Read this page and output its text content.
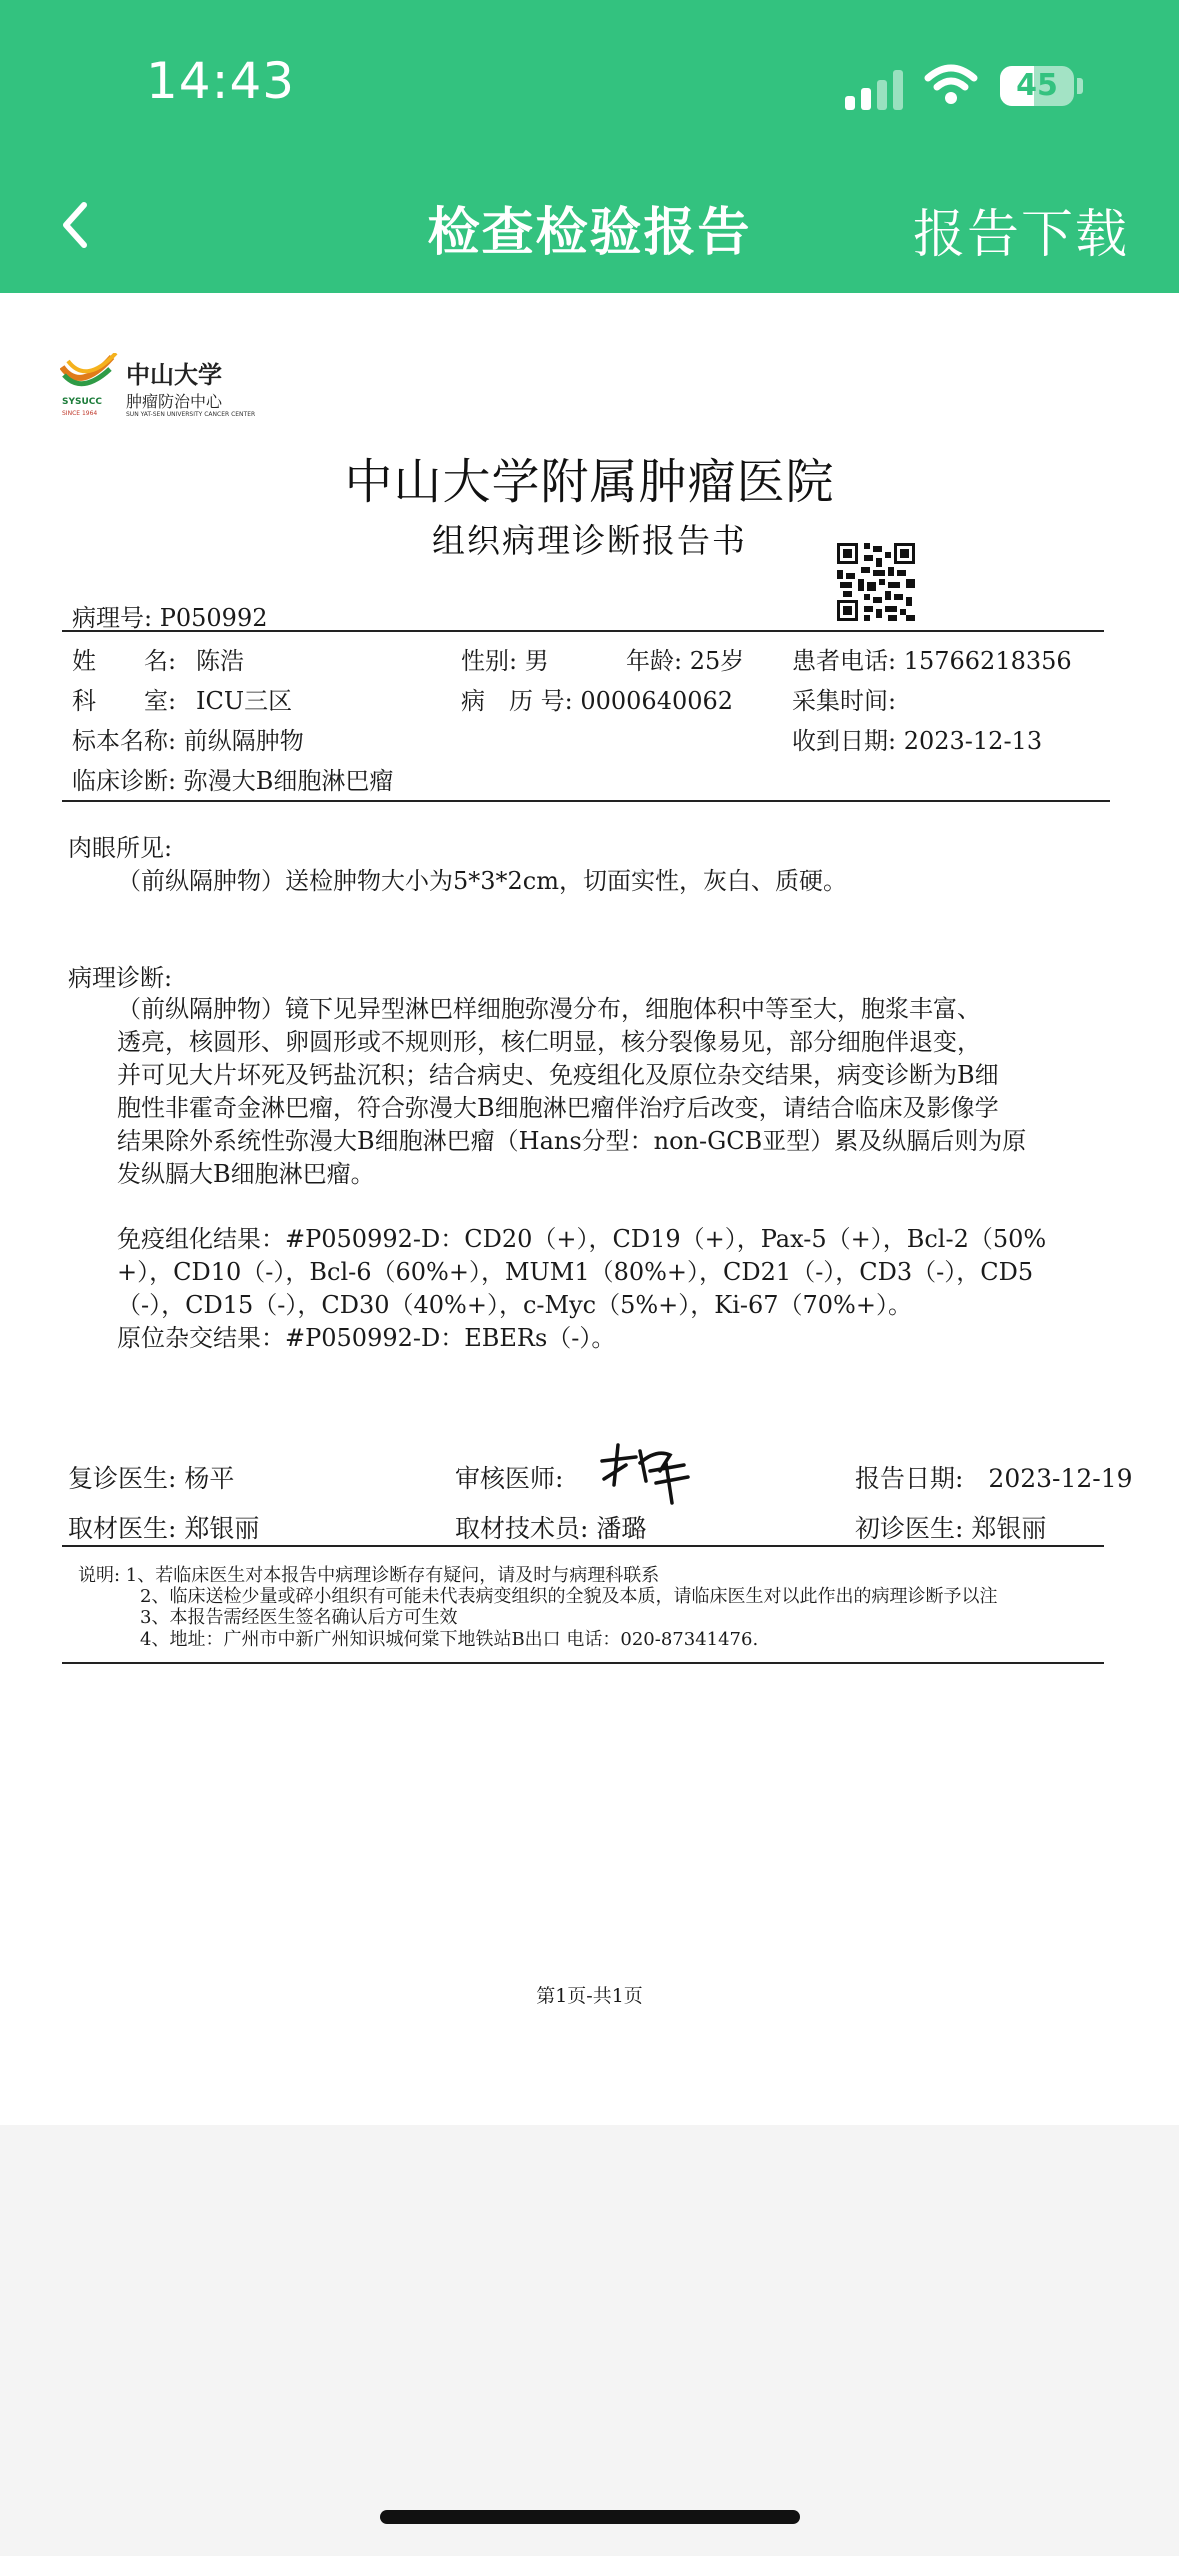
14:43	45
检查检验报告	报告下载
中山大学
肿瘤防治中心
SUN YAT-SEN UNIVERSITY CANCER CENTER
SYSUCC
SINCE 1964
中山大学附属肿瘤医院
组织病理诊断报告书
病理号: P050992
姓　　名: 陈浩	性别: 男	年龄: 25岁 患者电话: 15766218356
科　　室: ICU三区	病　历 号: 0000640062 采集时间:
标本名称: 前纵隔肿物	收到日期: 2023-12-13
临床诊断: 弥漫大B细胞淋巴瘤
肉眼所见:
（前纵隔肿物）送检肿物大小为5*3*2cm，切面实性，灰白、质硬。
病理诊断:
（前纵隔肿物）镜下见异型淋巴样细胞弥漫分布，细胞体积中等至大，胞浆丰富、
透亮，核圆形、卵圆形或不规则形，核仁明显，核分裂像易见，部分细胞伴退变，
并可见大片坏死及钙盐沉积；结合病史、免疫组化及原位杂交结果，病变诊断为B细
胞性非霍奇金淋巴瘤，符合弥漫大B细胞淋巴瘤伴治疗后改变，请结合临床及影像学
结果除外系统性弥漫大B细胞淋巴瘤（Hans分型：non-GCB亚型）累及纵膈后则为原
发纵膈大B细胞淋巴瘤。
免疫组化结果：#P050992-D：CD20（+），CD19（+），Pax-5（+），Bcl-2（50%
+），CD10（-），Bcl-6（60%+），MUM1（80%+），CD21（-），CD3（-），CD5
（-），CD15（-），CD30（40%+），c-Myc（5%+），Ki-67（70%+）。
原位杂交结果：#P050992-D：EBERs（-）。
复诊医生: 杨平	审核医师:	报告日期:　2023-12-19
取材医生: 郑银丽	取材技术员: 潘璐	初诊医生: 郑银丽
说明: 1、若临床医生对本报告中病理诊断存有疑问，请及时与病理科联系
2、临床送检少量或碎小组织有可能未代表病变组织的全貌及本质，请临床医生对以此作出的病理诊断予以注
3、本报告需经医生签名确认后方可生效
4、地址：广州市中新广州知识城何棠下地铁站B出口 电话：020-87341476.
第1页-共1页
